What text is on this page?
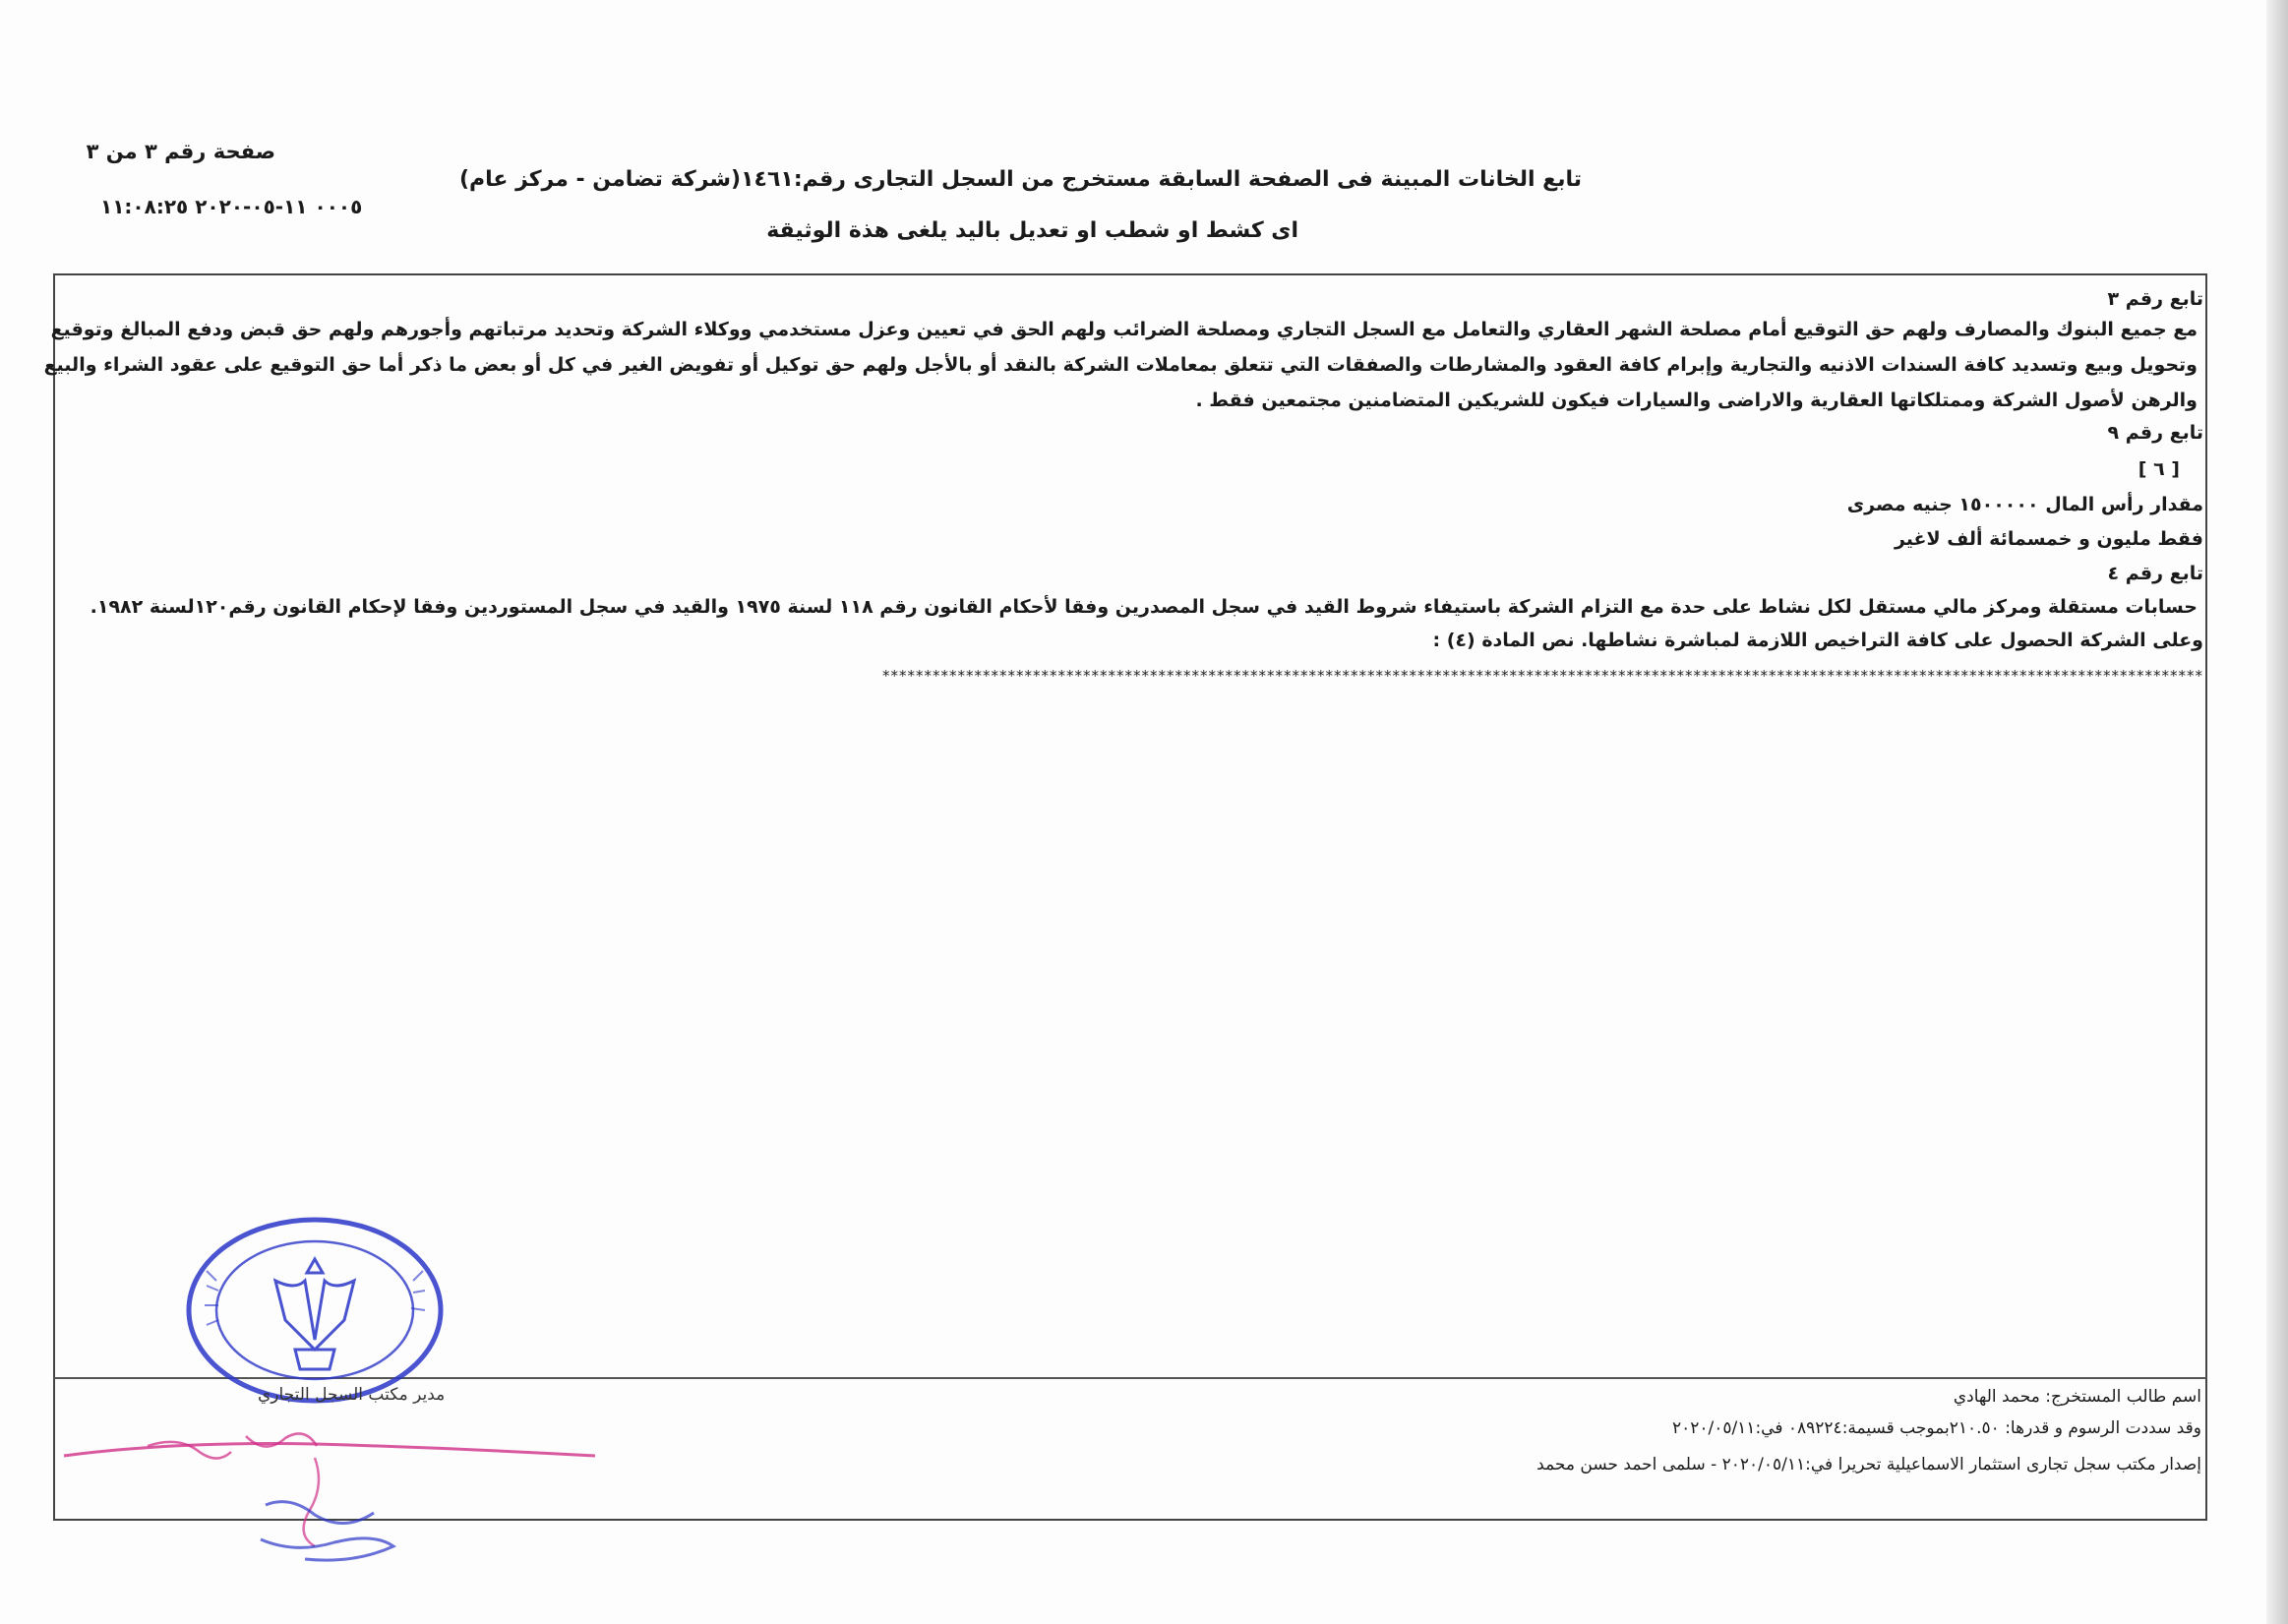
صفحة رقم ٣ من ٣
٠٠٠٥ ١١-٠٥-٢٠٢٠ ١١:٠٨:٢٥
تابع الخانات المبينة فى الصفحة السابقة مستخرج من السجل التجارى رقم:١٤٦١(شركة تضامن - مركز عام)
اى كشط او شطب او تعديل باليد يلغى هذة الوثيقة
تابع رقم ٣
مع جميع البنوك والمصارف ولهم حق التوقيع أمام مصلحة الشهر العقاري والتعامل مع السجل التجاري ومصلحة الضرائب ولهم الحق في تعيين وعزل مستخدمي ووكلاء الشركة وتحديد مرتباتهم وأجورهم ولهم حق قبض ودفع المبالغ وتوقيع
وتحويل وبيع وتسديد كافة السندات الاذنيه والتجارية وإبرام كافة العقود والمشارطات والصفقات التي تتعلق بمعاملات الشركة بالنقد أو بالأجل ولهم حق توكيل أو تفويض الغير في كل أو بعض ما ذكر أما حق التوقيع على عقود الشراء والبيع
والرهن لأصول الشركة وممتلكاتها العقارية والاراضى والسيارات فيكون للشريكين المتضامنين مجتمعين فقط .
تابع رقم ٩
[ ٦ ]
مقدار رأس المال ١٥٠٠٠٠٠ جنيه مصرى
فقط مليون و خمسمائة ألف لاغير
تابع رقم ٤
حسابات مستقلة ومركز مالي مستقل لكل نشاط على حدة مع التزام الشركة باستيفاء شروط القيد في سجل المصدرين وفقا لأحكام القانون رقم ١١٨ لسنة ١٩٧٥ والقيد في سجل المستوردين وفقا لإحكام القانون رقم١٢٠لسنة ١٩٨٢.
وعلى الشركة الحصول على كافة التراخيص اللازمة لمباشرة نشاطها. نص المادة (٤) :
**************************************************************************************************************************************************************
اسم طالب المستخرج: محمد الهادي
وقد سددت الرسوم و قدرها: ٢١٠.٥٠بموجب قسيمة:٠٨٩٢٢٤ في:٢٠٢٠/٠٥/١١
إصدار مكتب سجل تجارى استثمار الاسماعيلية تحريرا في:٢٠٢٠/٠٥/١١ - سلمى احمد حسن محمد
مدير مكتب السجل التجاري
